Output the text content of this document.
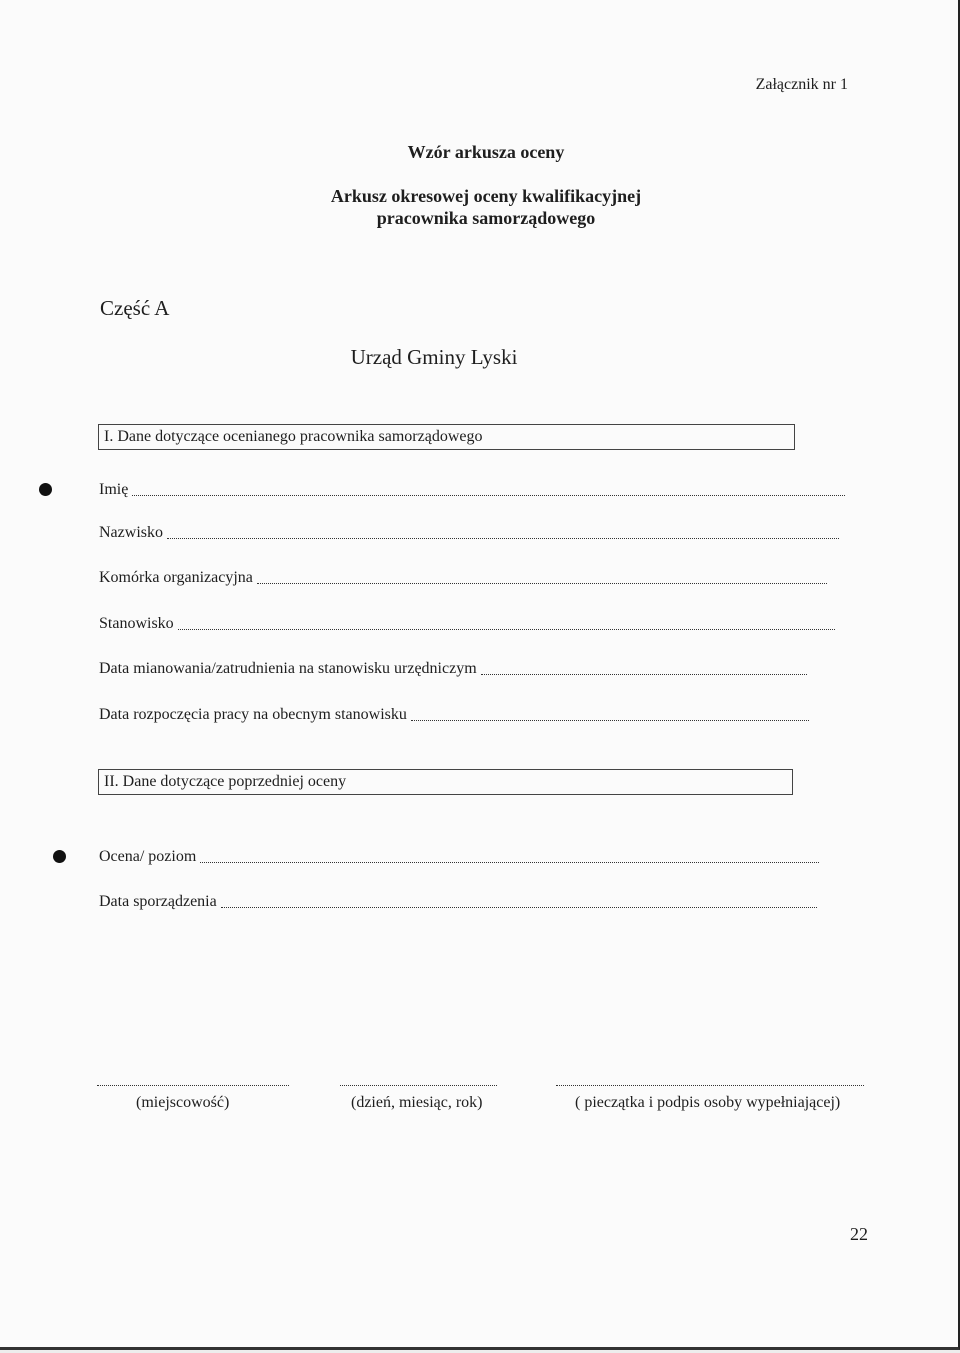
Załącznik nr 1
Wzór arkusza oceny
Arkusz okresowej oceny kwalifikacyjnej
pracownika samorządowego
Część A
Urząd Gminy Lyski
I. Dane dotyczące ocenianego pracownika samorządowego
Imię
Nazwisko
Komórka organizacyjna
Stanowisko
Data mianowania/zatrudnienia na stanowisku urzędniczym
Data rozpoczęcia pracy na obecnym stanowisku
II. Dane dotyczące poprzedniej oceny
Ocena/ poziom
Data sporządzenia
(miejscowość)	(dzień, miesiąc, rok)	( pieczątka i podpis osoby wypełniającej)
22
